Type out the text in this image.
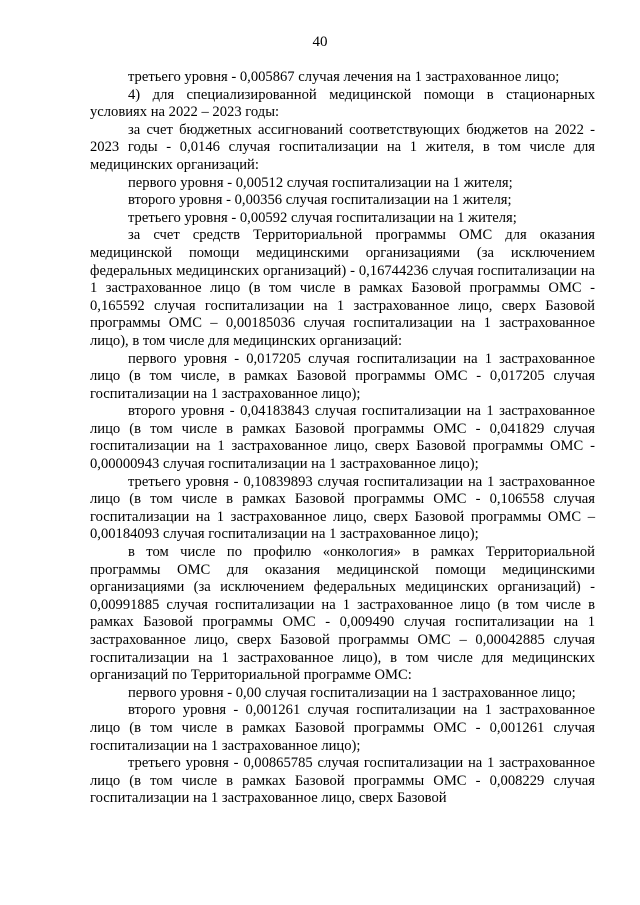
40

третьего уровня - 0,005867 случая лечения на 1 застрахованное лицо;

4) для специализированной медицинской помощи в стационарных условиях на 2022 – 2023 годы:

за счет бюджетных ассигнований соответствующих бюджетов на 2022 - 2023 годы - 0,0146 случая госпитализации на 1 жителя, в том числе для медицинских организаций:

первого уровня - 0,00512 случая госпитализации на 1 жителя;

второго уровня - 0,00356 случая госпитализации на 1 жителя;

третьего уровня - 0,00592 случая госпитализации на 1 жителя;

за счет средств Территориальной программы ОМС для оказания медицинской помощи медицинскими организациями (за исключением федеральных медицинских организаций) - 0,16744236 случая госпитализации на 1 застрахованное лицо (в том числе в рамках Базовой программы ОМС - 0,165592 случая госпитализации на 1 застрахованное лицо, сверх Базовой программы ОМС – 0,00185036 случая госпитализации на 1 застрахованное лицо), в том числе для медицинских организаций:

первого уровня - 0,017205 случая госпитализации на 1 застрахованное лицо (в том числе, в рамках Базовой программы ОМС - 0,017205 случая госпитализации на 1 застрахованное лицо);

второго уровня - 0,04183843 случая госпитализации на 1 застрахованное лицо (в том числе в рамках Базовой программы ОМС - 0,041829 случая госпитализации на 1 застрахованное лицо, сверх Базовой программы ОМС - 0,00000943 случая госпитализации на 1 застрахованное лицо);

третьего уровня - 0,10839893 случая госпитализации на 1 застрахованное лицо (в том числе в рамках Базовой программы ОМС - 0,106558 случая госпитализации на 1 застрахованное лицо, сверх Базовой программы ОМС – 0,00184093 случая госпитализации на 1 застрахованное лицо);

в том числе по профилю «онкология» в рамках Территориальной программы ОМС для оказания медицинской помощи медицинскими организациями (за исключением федеральных медицинских организаций) - 0,00991885 случая госпитализации на 1 застрахованное лицо (в том числе в рамках Базовой программы ОМС - 0,009490 случая госпитализации на 1 застрахованное лицо, сверх Базовой программы ОМС – 0,00042885 случая госпитализации на 1 застрахованное лицо), в том числе для медицинских организаций по Территориальной программе ОМС:

первого уровня - 0,00 случая госпитализации на 1 застрахованное лицо;

второго уровня - 0,001261 случая госпитализации на 1 застрахованное лицо (в том числе в рамках Базовой программы ОМС - 0,001261 случая госпитализации на 1 застрахованное лицо);

третьего уровня - 0,00865785 случая госпитализации на 1 застрахованное лицо (в том числе в рамках Базовой программы ОМС - 0,008229 случая госпитализации на 1 застрахованное лицо, сверх Базовой
